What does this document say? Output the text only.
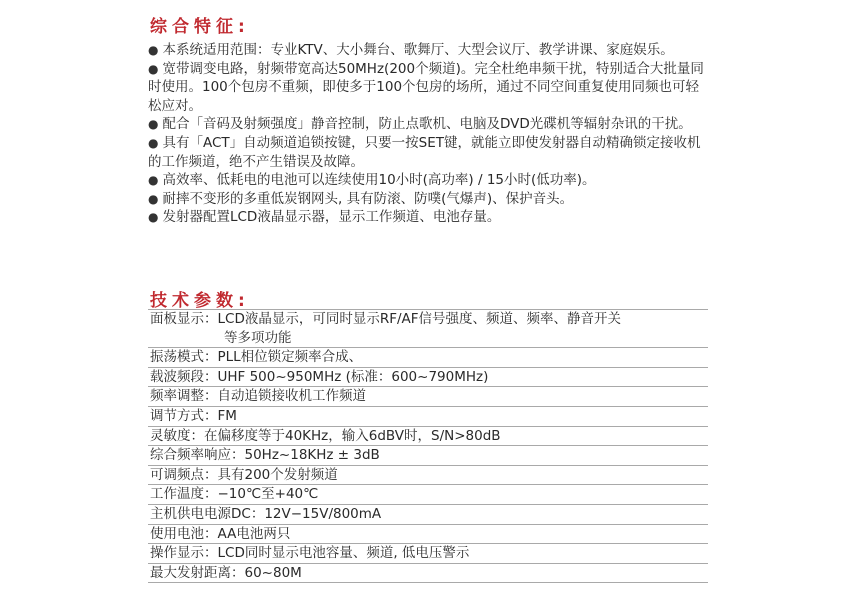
综合特征:

● 本系统适用范围：专业KTV、大小舞台、歌舞厅、大型会议厅、教学讲课、家庭娱乐。

● 宽带调变电路，射频带宽高达50MHz(200个频道)。完全杜绝串频干扰，特别适合大批量同时使用。100个包房不重频，即使多于100个包房的场所，通过不同空间重复使用同频也可轻松应对。

● 配合「音码及射频强度」静音控制，防止点歌机、电脑及DVD光碟机等辐射杂讯的干扰。

● 具有「ACT」自动频道追锁按键，只要一按SET键，就能立即使发射器自动精确锁定接收机的工作频道，绝不产生错误及故障。

● 高效率、低耗电的电池可以连续使用10小时(高功率) / 15小时(低功率)。

● 耐摔不变形的多重低炭钢网头, 具有防滚、防噗(气爆声)、保护音头。

● 发射器配置LCD液晶显示器，显示工作频道、电池存量。

技术参数:
面板显示：LCD液晶显示，可同时显示RF/AF信号强度、频道、频率、静音开关
等多项功能
振荡模式：PLL相位锁定频率合成、
载波频段：UHF 500~950MHz (标准：600~790MHz)
频率调整：自动追锁接收机工作频道
调节方式：FM
灵敏度：在偏移度等于40KHz，输入6dBV时，S/N>80dB
综合频率响应：50Hz~18KHz ± 3dB
可调频点：具有200个发射频道
工作温度：−10℃至+40℃
主机供电电源DC：12V−15V/800mA
使用电池：AA电池两只
操作显示：LCD同时显示电池容量、频道, 低电压警示
最大发射距离：60~80M
